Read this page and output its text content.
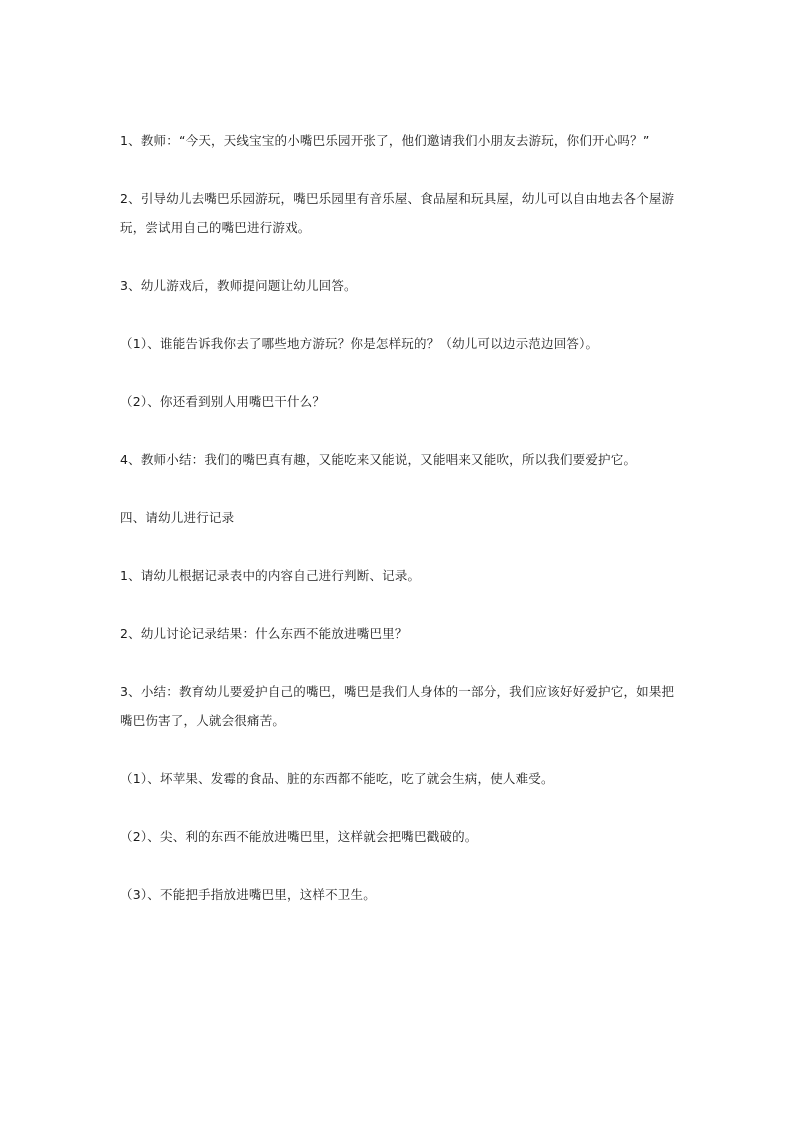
1、教师：“今天，天线宝宝的小嘴巴乐园开张了，他们邀请我们小朋友去游玩，你们开心吗？”

2、引导幼儿去嘴巴乐园游玩，嘴巴乐园里有音乐屋、食品屋和玩具屋，幼儿可以自由地去各个屋游玩，尝试用自己的嘴巴进行游戏。

3、幼儿游戏后，教师提问题让幼儿回答。

（1）、谁能告诉我你去了哪些地方游玩？你是怎样玩的？（幼儿可以边示范边回答）。

（2）、你还看到别人用嘴巴干什么？

4、教师小结：我们的嘴巴真有趣，又能吃来又能说，又能唱来又能吹，所以我们要爱护它。

四、请幼儿进行记录

1、请幼儿根据记录表中的内容自己进行判断、记录。

2、幼儿讨论记录结果：什么东西不能放进嘴巴里？

3、小结：教育幼儿要爱护自己的嘴巴，嘴巴是我们人身体的一部分，我们应该好好爱护它，如果把嘴巴伤害了，人就会很痛苦。

（1）、坏苹果、发霉的食品、脏的东西都不能吃，吃了就会生病，使人难受。

（2）、尖、利的东西不能放进嘴巴里，这样就会把嘴巴戳破的。

（3）、不能把手指放进嘴巴里，这样不卫生。
